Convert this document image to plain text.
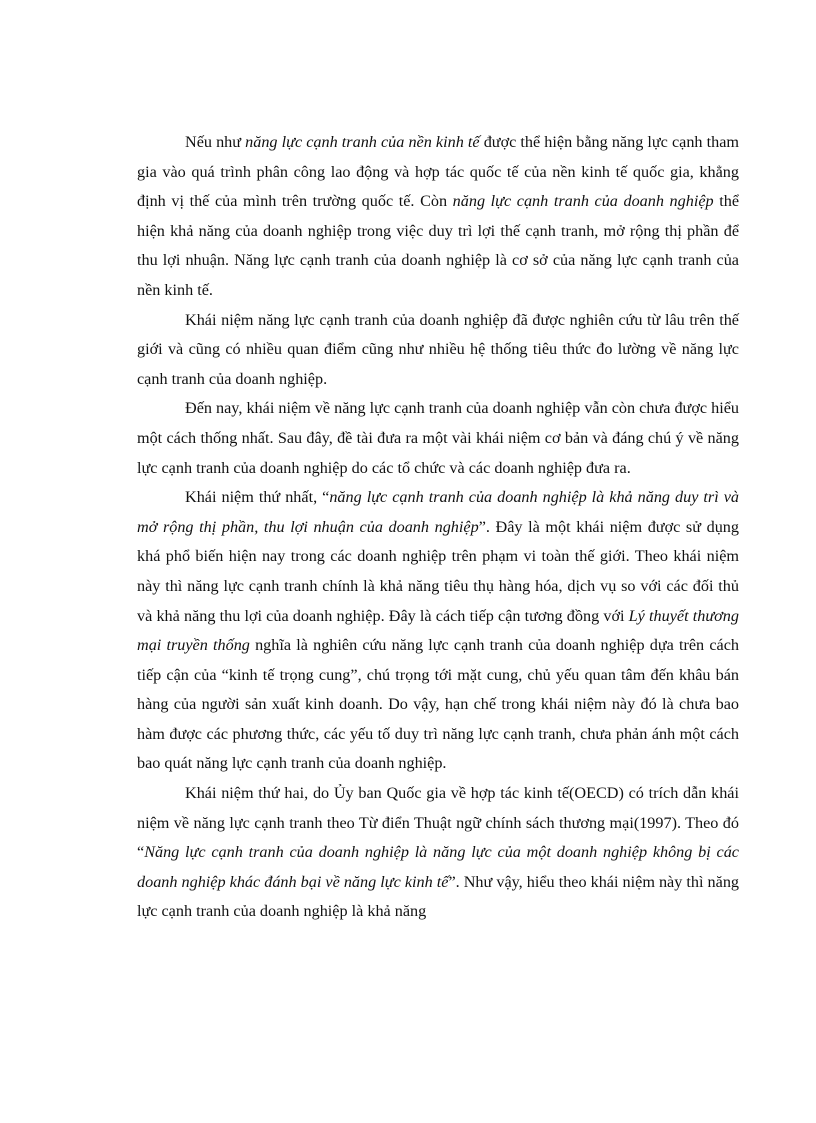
Nếu như năng lực cạnh tranh của nền kinh tế được thể hiện bằng năng lực cạnh tham gia vào quá trình phân công lao động và hợp tác quốc tế của nền kinh tế quốc gia, khẳng định vị thế của mình trên trường quốc tế. Còn năng lực cạnh tranh của doanh nghiệp thể hiện khả năng của doanh nghiệp trong việc duy trì lợi thế cạnh tranh, mở rộng thị phần để thu lợi nhuận. Năng lực cạnh tranh của doanh nghiệp là cơ sở của năng lực cạnh tranh của nền kinh tế.

Khái niệm năng lực cạnh tranh của doanh nghiệp đã được nghiên cứu từ lâu trên thế giới và cũng có nhiều quan điểm cũng như nhiều hệ thống tiêu thức đo lường về năng lực cạnh tranh của doanh nghiệp.

Đến nay, khái niệm về năng lực cạnh tranh của doanh nghiệp vẫn còn chưa được hiểu một cách thống nhất. Sau đây, đề tài đưa ra một vài khái niệm cơ bản và đáng chú ý về năng lực cạnh tranh của doanh nghiệp do các tổ chức và các doanh nghiệp đưa ra.

Khái niệm thứ nhất, “năng lực cạnh tranh của doanh nghiệp là khả năng duy trì và mở rộng thị phần, thu lợi nhuận của doanh nghiệp”. Đây là một khái niệm được sử dụng khá phổ biến hiện nay trong các doanh nghiệp trên phạm vi toàn thế giới. Theo khái niệm này thì năng lực cạnh tranh chính là khả năng tiêu thụ hàng hóa, dịch vụ so với các đối thủ và khả năng thu lợi của doanh nghiệp. Đây là cách tiếp cận tương đồng với Lý thuyết thương mại truyền thống nghĩa là nghiên cứu năng lực cạnh tranh của doanh nghiệp dựa trên cách tiếp cận của “kinh tế trọng cung”, chú trọng tới mặt cung, chủ yếu quan tâm đến khâu bán hàng của người sản xuất kinh doanh. Do vậy, hạn chế trong khái niệm này đó là chưa bao hàm được các phương thức, các yếu tố duy trì năng lực cạnh tranh, chưa phản ánh một cách bao quát năng lực cạnh tranh của doanh nghiệp.

Khái niệm thứ hai, do Ủy ban Quốc gia về hợp tác kinh tế(OECD) có trích dẫn khái niệm về năng lực cạnh tranh theo Từ điển Thuật ngữ chính sách thương mại(1997). Theo đó “Năng lực cạnh tranh của doanh nghiệp là năng lực của một doanh nghiệp không bị các doanh nghiệp khác đánh bại về năng lực kinh tế”. Như vậy, hiểu theo khái niệm này thì năng lực cạnh tranh của doanh nghiệp là khả năng
